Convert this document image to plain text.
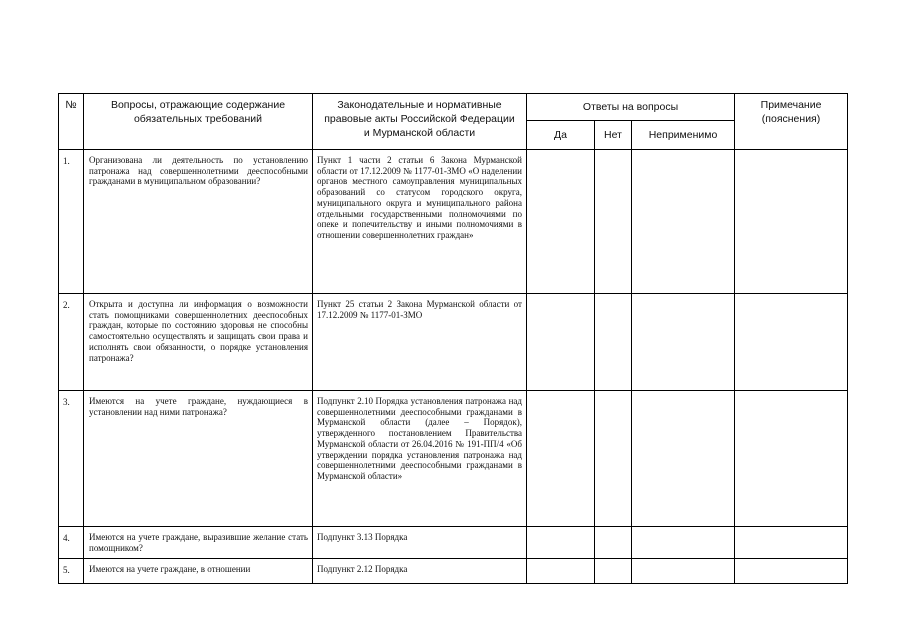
№	Вопросы, отражающие содержание обязательных требований	Законодательные и нормативные правовые акты Российской Федерации и Мурманской области	Ответы на вопросы			Примечание (пояснения)
			Да	Нет	Неприменимо	
1.	Организована ли деятельность по установлению патронажа над совершеннолетними дееспособными гражданами в муниципальном образовании?	Пункт 1 части 2 статьи 6 Закона Мурманской области от 17.12.2009 № 1177-01-ЗМО «О наделении органов местного самоуправления муниципальных образований со статусом городского округа, муниципального округа и муниципального района отдельными государственными полномочиями по опеке и попечительству и иными полномочиями в отношении совершеннолетних граждан»				
2.	Открыта и доступна ли информация о возможности стать помощниками совершеннолетних дееспособных граждан, которые по состоянию здоровья не способны самостоятельно осуществлять и защищать свои права и исполнять свои обязанности, о порядке установления патронажа?	Пункт 25 статьи 2 Закона Мурманской области от 17.12.2009 № 1177-01-ЗМО				
3.	Имеются на учете граждане, нуждающиеся в установлении над ними патронажа?	Подпункт 2.10 Порядка установления патронажа над совершеннолетними дееспособными гражданами в Мурманской области (далее – Порядок), утвержденного постановлением Правительства Мурманской области от 26.04.2016 № 191-ПП/4 «Об утверждении порядка установления патронажа над совершеннолетними дееспособными гражданами в Мурманской области»				
4.	Имеются на учете граждане, выразившие желание стать помощником?	Подпункт 3.13 Порядка				
5.	Имеются на учете граждане, в отношении	Подпункт 2.12 Порядка				
